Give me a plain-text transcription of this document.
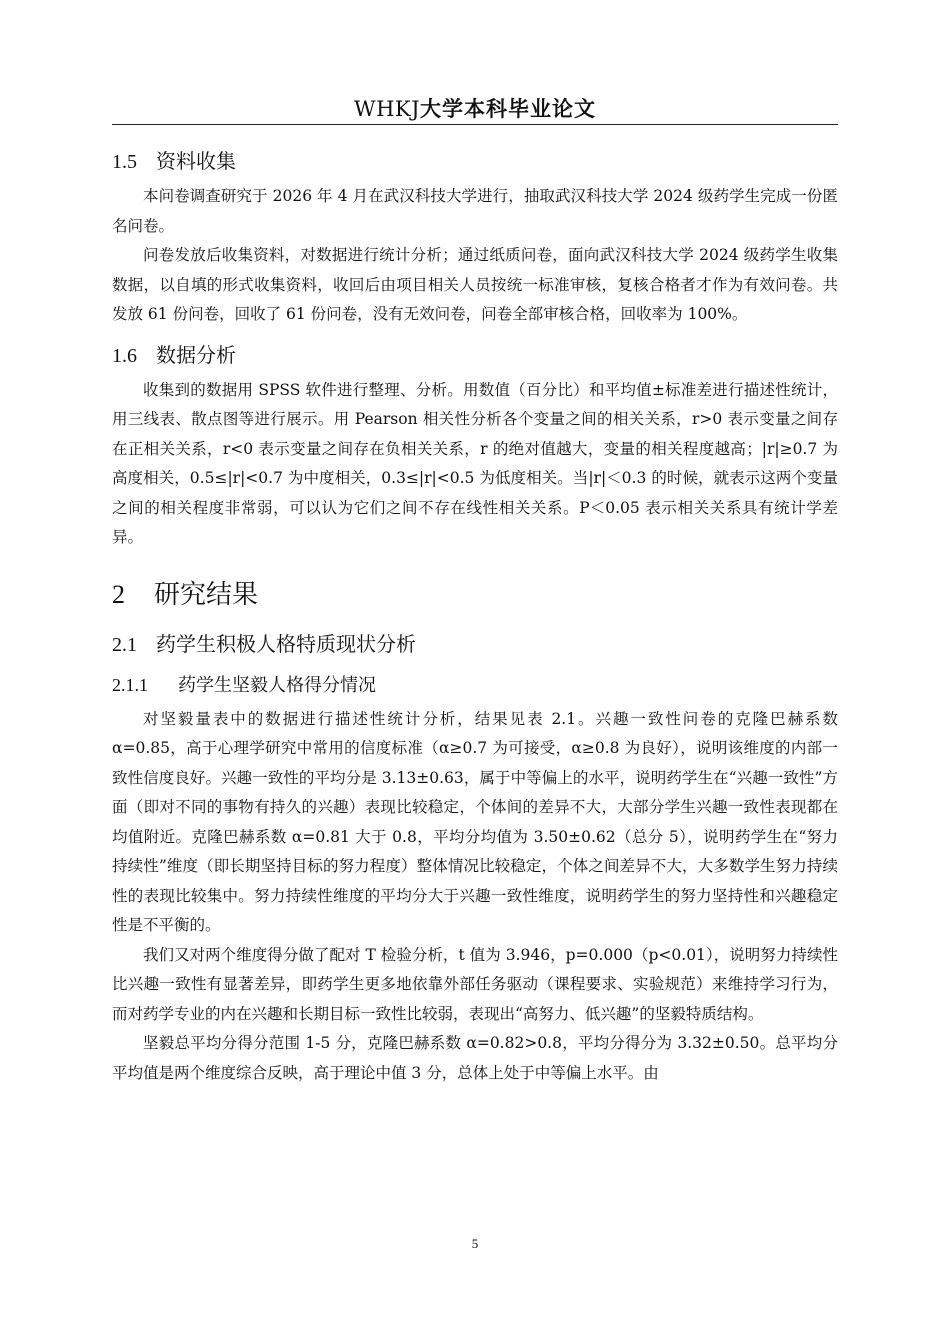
WHKJ大学本科毕业论文
1.5 资料收集

本问卷调查研究于 2026 年 4 月在武汉科技大学进行，抽取武汉科技大学 2024 级药学生完成一份匿名问卷。

问卷发放后收集资料，对数据进行统计分析；通过纸质问卷，面向武汉科技大学 2024 级药学生收集数据，以自填的形式收集资料，收回后由项目相关人员按统一标准审核，复核合格者才作为有效问卷。共发放 61 份问卷，回收了 61 份问卷，没有无效问卷，问卷全部审核合格，回收率为 100%。

1.6 数据分析

收集到的数据用 SPSS 软件进行整理、分析。用数值（百分比）和平均值±标准差进行描述性统计，用三线表、散点图等进行展示。用 Pearson 相关性分析各个变量之间的相关关系，r>0 表示变量之间存在正相关关系，r<0 表示变量之间存在负相关关系，r 的绝对值越大，变量的相关程度越高；|r|≥0.7 为高度相关，0.5≤|r|<0.7 为中度相关，0.3≤|r|<0.5 为低度相关。当|r|＜0.3 的时候，就表示这两个变量之间的相关程度非常弱，可以认为它们之间不存在线性相关关系。P＜0.05 表示相关关系具有统计学差异。

2 研究结果
2.1 药学生积极人格特质现状分析
2.1.1 药学生坚毅人格得分情况

对坚毅量表中的数据进行描述性统计分析，结果见表 2.1。兴趣一致性问卷的克隆巴赫系数 α=0.85，高于心理学研究中常用的信度标准（α≥0.7 为可接受，α≥0.8 为良好），说明该维度的内部一致性信度良好。兴趣一致性的平均分是 3.13±0.63，属于中等偏上的水平，说明药学生在“兴趣一致性”方面（即对不同的事物有持久的兴趣）表现比较稳定，个体间的差异不大，大部分学生兴趣一致性表现都在均值附近。克隆巴赫系数 α=0.81 大于 0.8，平均分均值为 3.50±0.62（总分 5），说明药学生在“努力持续性”维度（即长期坚持目标的努力程度）整体情况比较稳定，个体之间差异不大，大多数学生努力持续性的表现比较集中。努力持续性维度的平均分大于兴趣一致性维度，说明药学生的努力坚持性和兴趣稳定性是不平衡的。

我们又对两个维度得分做了配对 T 检验分析，t 值为 3.946，p=0.000（p<0.01），说明努力持续性比兴趣一致性有显著差异，即药学生更多地依靠外部任务驱动（课程要求、实验规范）来维持学习行为，而对药学专业的内在兴趣和长期目标一致性比较弱，表现出“高努力、低兴趣”的坚毅特质结构。

坚毅总平均分得分范围 1-5 分，克隆巴赫系数 α=0.82>0.8，平均分得分为 3.32±0.50。总平均分平均值是两个维度综合反映，高于理论中值 3 分，总体上处于中等偏上水平。由

5
